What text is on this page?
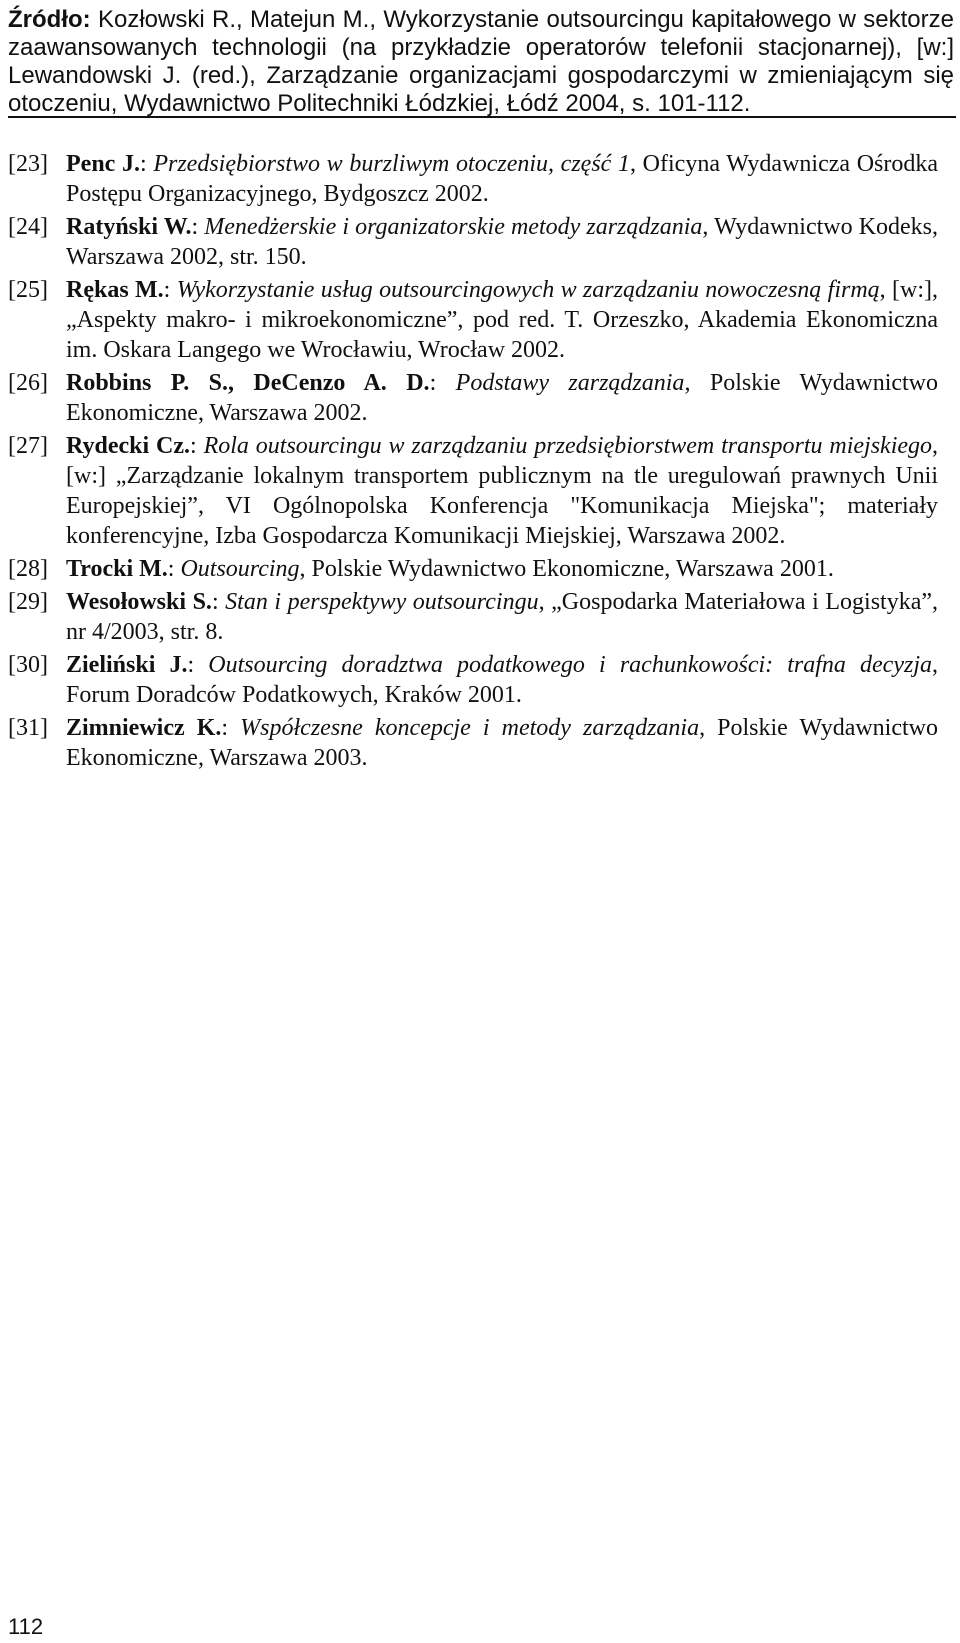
Źródło: Kozłowski R., Matejun M., Wykorzystanie outsourcingu kapitałowego w sektorze zaawansowanych technologii (na przykładzie operatorów telefonii stacjonarnej), [w:] Lewandowski J. (red.), Zarządzanie organizacjami gospodarczymi w zmieniającym się otoczeniu, Wydawnictwo Politechniki Łódzkiej, Łódź 2004, s. 101-112.
[23] Penc J.: Przedsiębiorstwo w burzliwym otoczeniu, część 1, Oficyna Wydawnicza Ośrodka Postępu Organizacyjnego, Bydgoszcz 2002.
[24] Ratyński W.: Menedżerskie i organizatorskie metody zarządzania, Wydawnictwo Kodeks, Warszawa 2002, str. 150.
[25] Rękas M.: Wykorzystanie usług outsourcingowych w zarządzaniu nowoczesną firmą, [w:], „Aspekty makro- i mikroekonomiczne”, pod red. T. Orzeszko, Akademia Ekonomiczna im. Oskara Langego we Wrocławiu, Wrocław 2002.
[26] Robbins P. S., DeCenzo A. D.: Podstawy zarządzania, Polskie Wydawnictwo Ekonomiczne, Warszawa 2002.
[27] Rydecki Cz.: Rola outsourcingu w zarządzaniu przedsiębiorstwem transportu miejskiego, [w:] „Zarządzanie lokalnym transportem publicznym na tle uregulowań prawnych Unii Europejskiej”, VI Ogólnopolska Konferencja "Komunikacja Miejska"; materiały konferencyjne, Izba Gospodarcza Komunikacji Miejskiej, Warszawa 2002.
[28] Trocki M.: Outsourcing, Polskie Wydawnictwo Ekonomiczne, Warszawa 2001.
[29] Wesołowski S.: Stan i perspektywy outsourcingu, „Gospodarka Materiałowa i Logistyka”, nr 4/2003, str. 8.
[30] Zieliński J.: Outsourcing doradztwa podatkowego i rachunkowości: trafna decyzja, Forum Doradców Podatkowych, Kraków 2001.
[31] Zimniewicz K.: Współczesne koncepcje i metody zarządzania, Polskie Wydawnictwo Ekonomiczne, Warszawa 2003.
112
